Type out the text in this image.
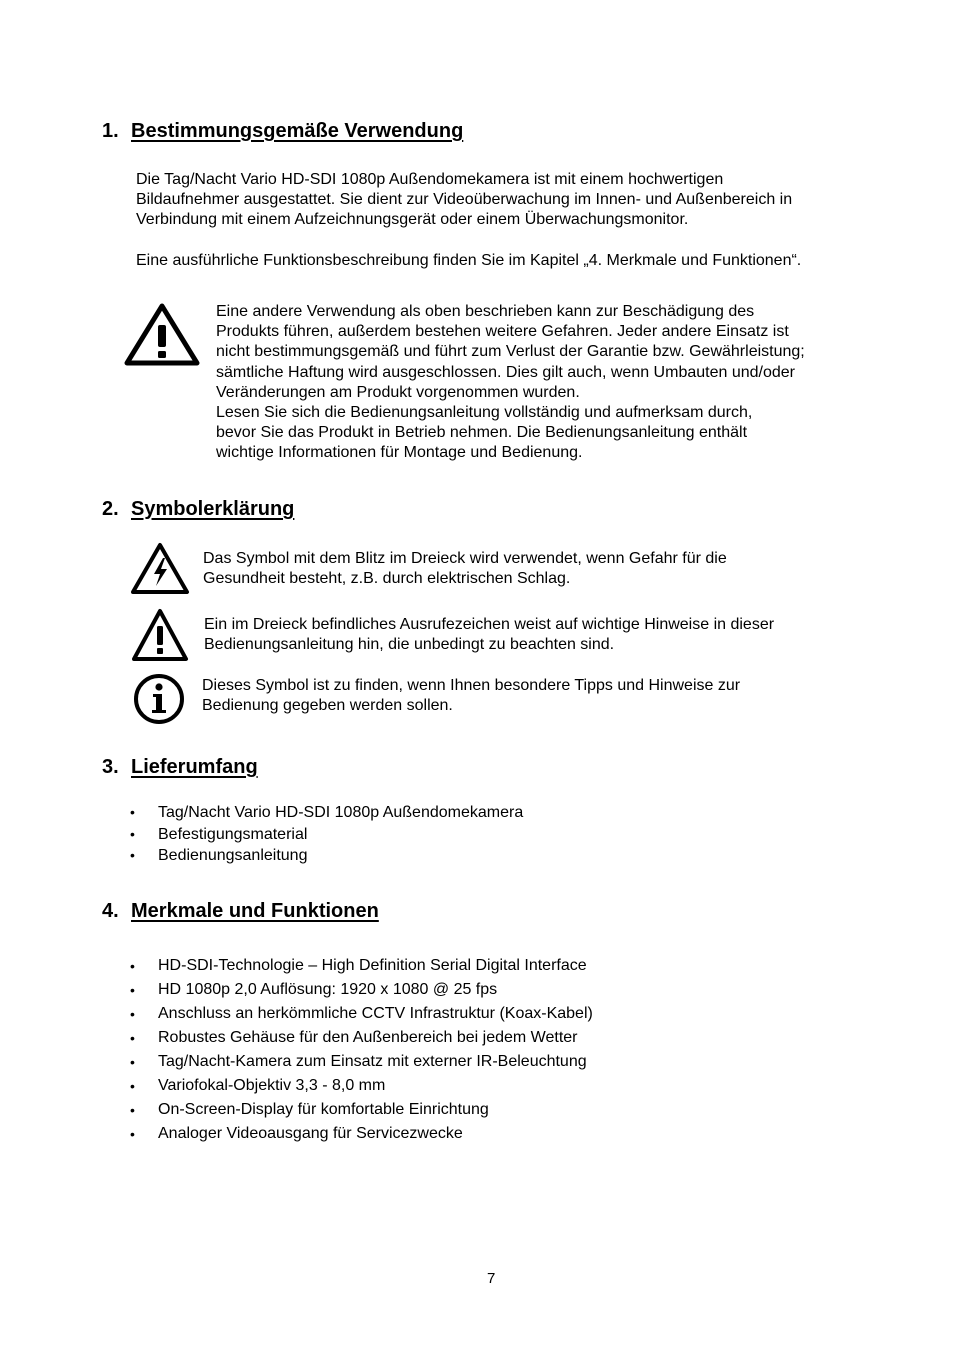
1. Bestimmungsgemäße Verwendung

Die Tag/Nacht Vario HD-SDI 1080p Außendomekamera ist mit einem hochwertigen
Bildaufnehmer ausgestattet. Sie dient zur Videoüberwachung im Innen- und Außenbereich in
Verbindung mit einem Aufzeichnungsgerät oder einem Überwachungsmonitor.

Eine ausführliche Funktionsbeschreibung finden Sie im Kapitel „4. Merkmale und Funktionen“.

Eine andere Verwendung als oben beschrieben kann zur Beschädigung des
Produkts führen, außerdem bestehen weitere Gefahren. Jeder andere Einsatz ist
nicht bestimmungsgemäß und führt zum Verlust der Garantie bzw. Gewährleistung;
sämtliche Haftung wird ausgeschlossen. Dies gilt auch, wenn Umbauten und/oder
Veränderungen am Produkt vorgenommen wurden.
Lesen Sie sich die Bedienungsanleitung vollständig und aufmerksam durch,
bevor Sie das Produkt in Betrieb nehmen. Die Bedienungsanleitung enthält
wichtige Informationen für Montage und Bedienung.

2. Symbolerklärung

Das Symbol mit dem Blitz im Dreieck wird verwendet, wenn Gefahr für die
Gesundheit besteht, z.B. durch elektrischen Schlag.

Ein im Dreieck befindliches Ausrufezeichen weist auf wichtige Hinweise in dieser
Bedienungsanleitung hin, die unbedingt zu beachten sind.

Dieses Symbol ist zu finden, wenn Ihnen besondere Tipps und Hinweise zur
Bedienung gegeben werden sollen.

3. Lieferumfang
• Tag/Nacht Vario HD-SDI 1080p Außendomekamera
• Befestigungsmaterial
• Bedienungsanleitung
4. Merkmale und Funktionen
• HD-SDI-Technologie – High Definition Serial Digital Interface
• HD 1080p 2,0 Auflösung: 1920 x 1080 @ 25 fps
• Anschluss an herkömmliche CCTV Infrastruktur (Koax-Kabel)
• Robustes Gehäuse für den Außenbereich bei jedem Wetter
• Tag/Nacht-Kamera zum Einsatz mit externer IR-Beleuchtung
• Variofokal-Objektiv 3,3 - 8,0 mm
• On-Screen-Display für komfortable Einrichtung
• Analoger Videoausgang für Servicezwecke
7
